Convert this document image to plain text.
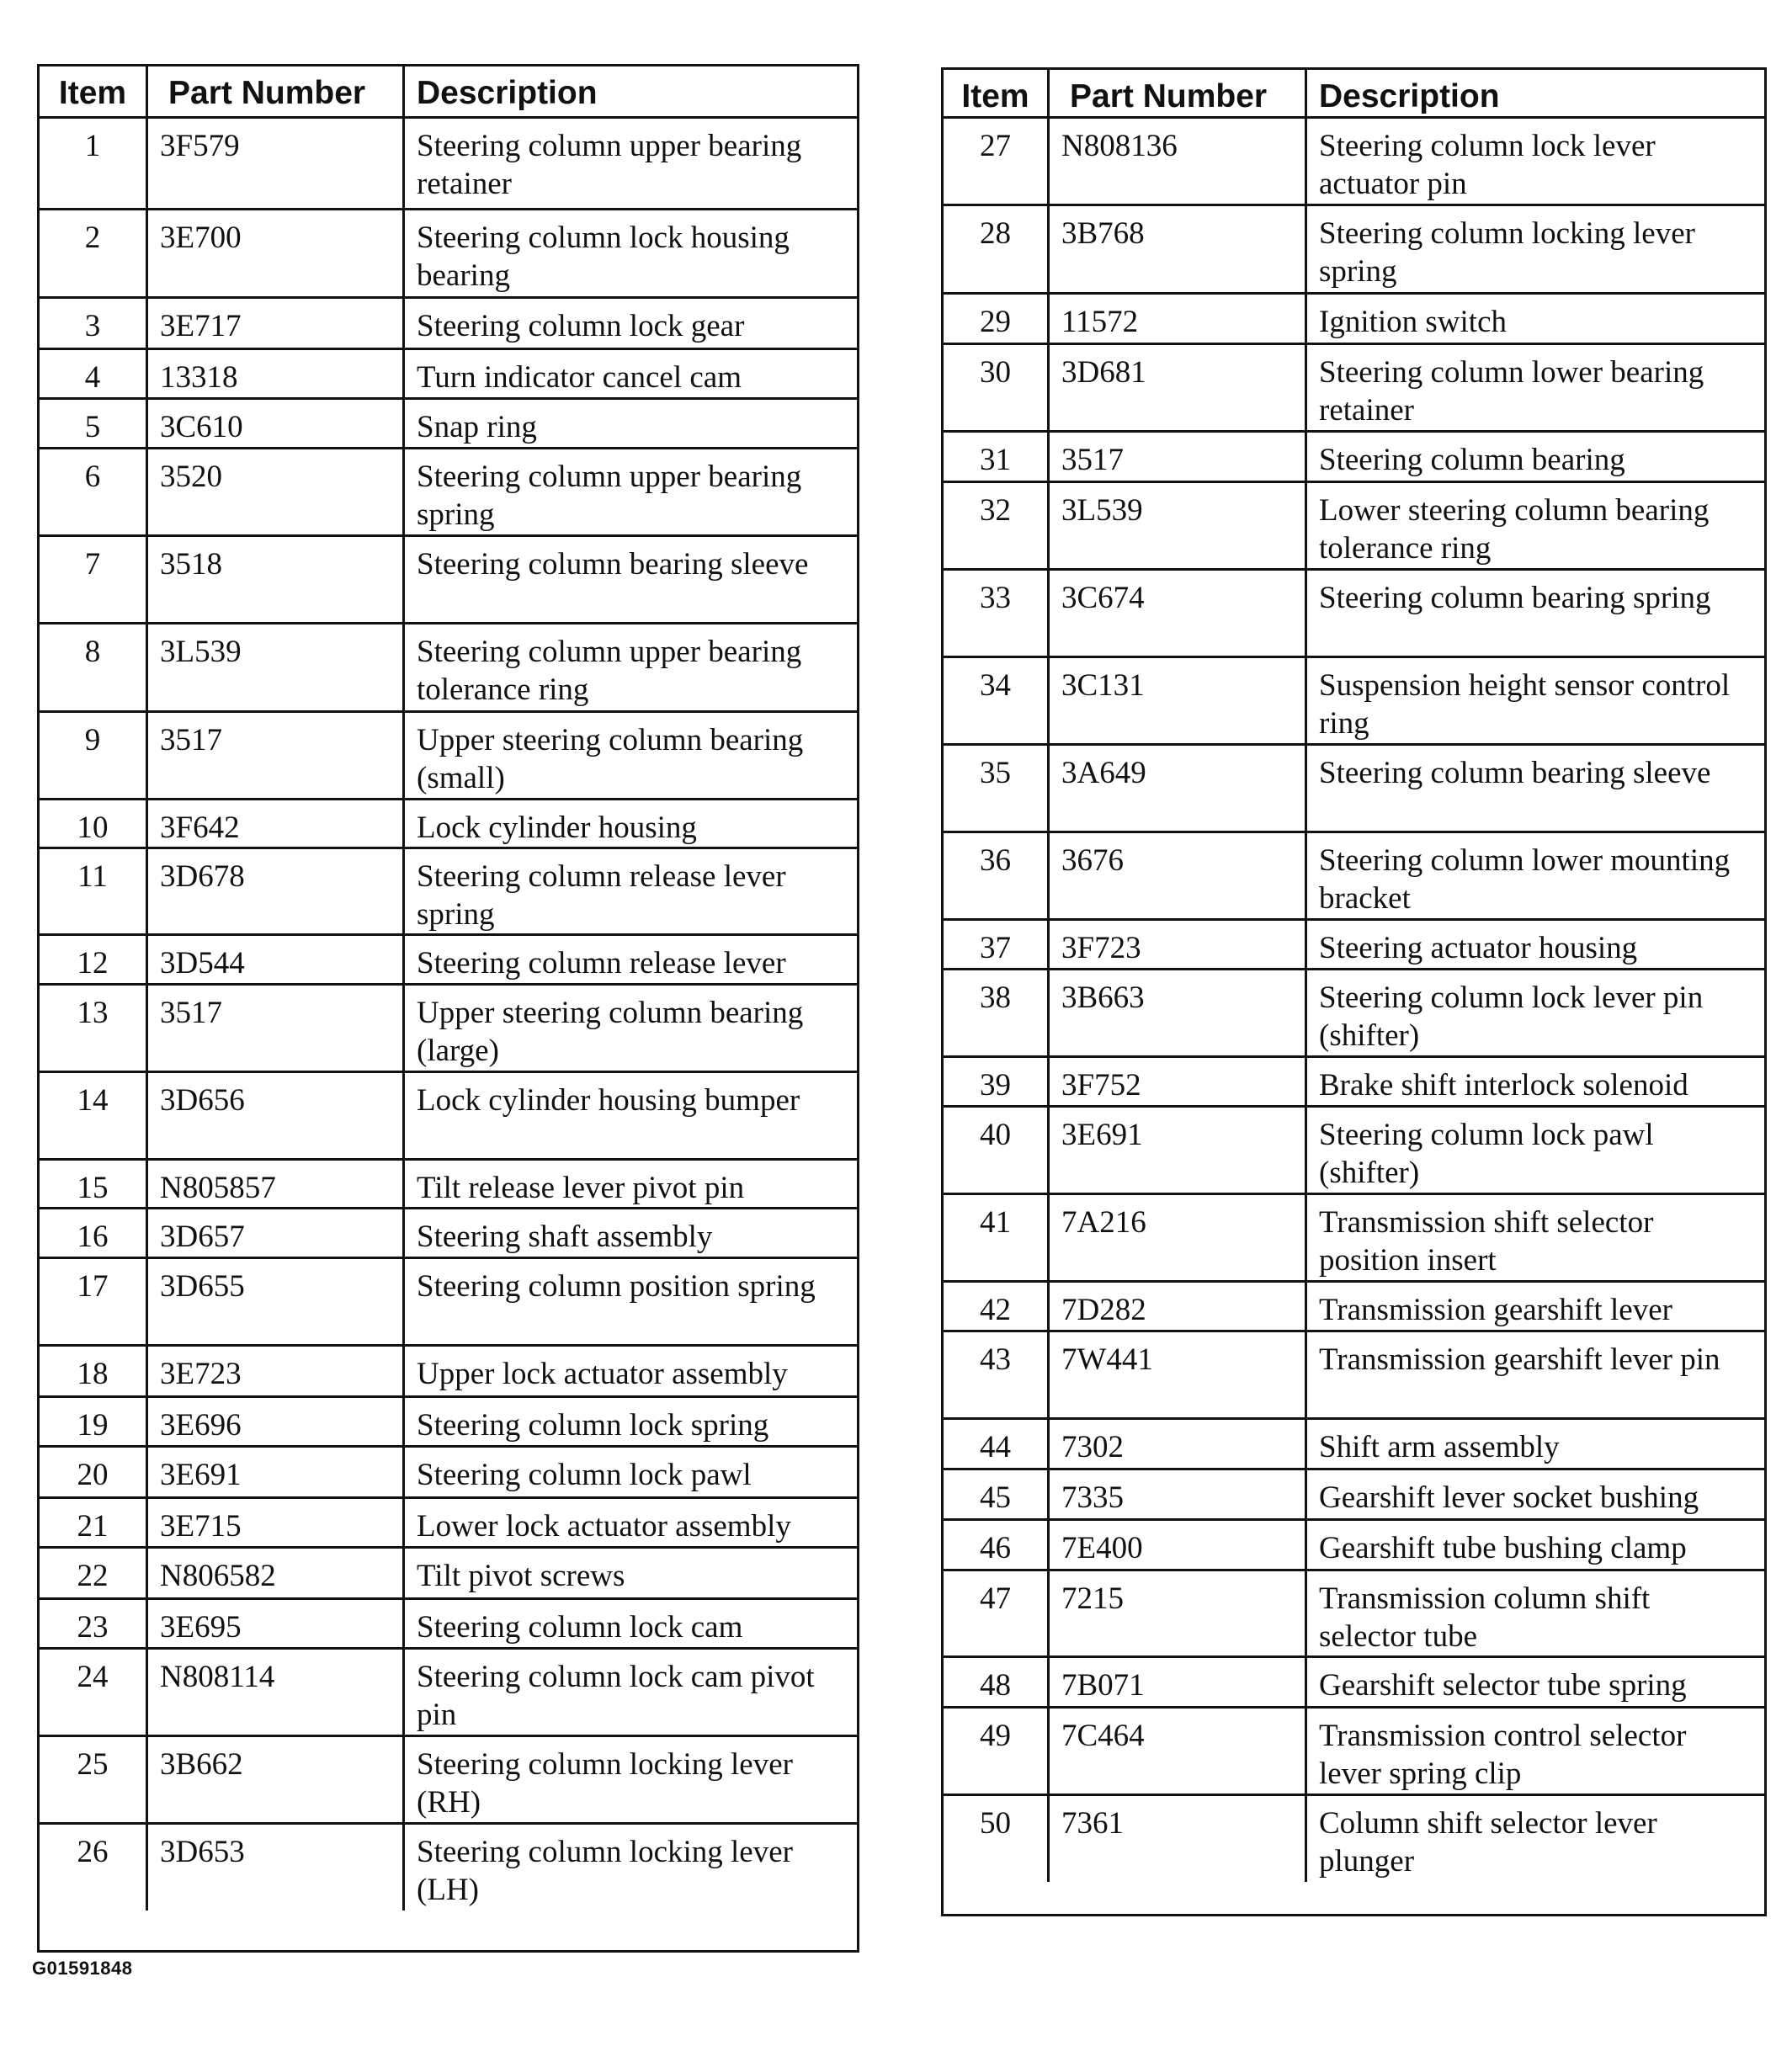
Item	Part Number	Description
1	3F579	Steering column upper bearing retainer
2	3E700	Steering column lock housing bearing
3	3E717	Steering column lock gear
4	13318	Turn indicator cancel cam
5	3C610	Snap ring
6	3520	Steering column upper bearing spring
7	3518	Steering column bearing sleeve
8	3L539	Steering column upper bearing tolerance ring
9	3517	Upper steering column bearing (small)
10	3F642	Lock cylinder housing
11	3D678	Steering column release lever spring
12	3D544	Steering column release lever
13	3517	Upper steering column bearing (large)
14	3D656	Lock cylinder housing bumper
15	N805857	Tilt release lever pivot pin
16	3D657	Steering shaft assembly
17	3D655	Steering column position spring
18	3E723	Upper lock actuator assembly
19	3E696	Steering column lock spring
20	3E691	Steering column lock pawl
21	3E715	Lower lock actuator assembly
22	N806582	Tilt pivot screws
23	3E695	Steering column lock cam
24	N808114	Steering column lock cam pivot pin
25	3B662	Steering column locking lever (RH)
26	3D653	Steering column locking lever (LH)
Item	Part Number	Description
27	N808136	Steering column lock lever actuator pin
28	3B768	Steering column locking lever spring
29	11572	Ignition switch
30	3D681	Steering column lower bearing retainer
31	3517	Steering column bearing
32	3L539	Lower steering column bearing tolerance ring
33	3C674	Steering column bearing spring
34	3C131	Suspension height sensor control ring
35	3A649	Steering column bearing sleeve
36	3676	Steering column lower mounting bracket
37	3F723	Steering actuator housing
38	3B663	Steering column lock lever pin (shifter)
39	3F752	Brake shift interlock solenoid
40	3E691	Steering column lock pawl (shifter)
41	7A216	Transmission shift selector position insert
42	7D282	Transmission gearshift lever
43	7W441	Transmission gearshift lever pin
44	7302	Shift arm assembly
45	7335	Gearshift lever socket bushing
46	7E400	Gearshift tube bushing clamp
47	7215	Transmission column shift selector tube
48	7B071	Gearshift selector tube spring
49	7C464	Transmission control selector lever spring clip
50	7361	Column shift selector lever plunger
G01591848
